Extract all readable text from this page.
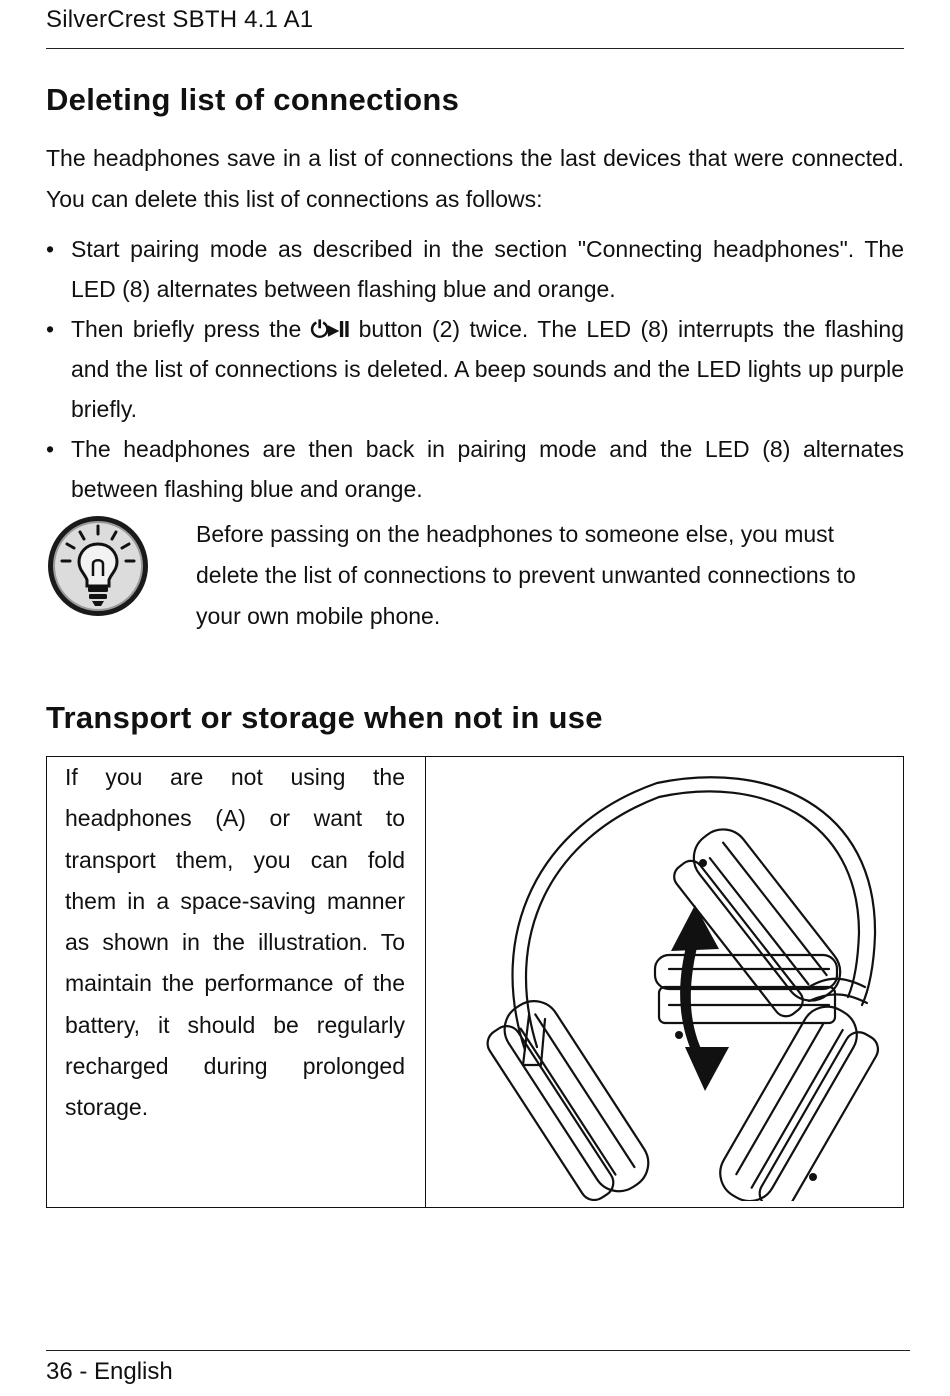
SilverCrest SBTH 4.1 A1
Deleting list of connections

The headphones save in a list of connections the last devices that were connected. You can delete this list of connections as follows:

• Start pairing mode as described in the section "Connecting headphones". The LED (8) alternates between flashing blue and orange.
• Then briefly press the ⏻▸II button (2) twice. The LED (8) interrupts the flashing and the list of connections is deleted. A beep sounds and the LED lights up purple briefly.
• The headphones are then back in pairing mode and the LED (8) alternates between flashing blue and orange.

Before passing on the headphones to someone else, you must delete the list of connections to prevent unwanted connections to your own mobile phone.

Transport or storage when not in use

If you are not using the headphones (A) or want to transport them, you can fold them in a space-saving manner as shown in the illustration. To maintain the performance of the battery, it should be regularly recharged during prolonged storage.

36 - English
